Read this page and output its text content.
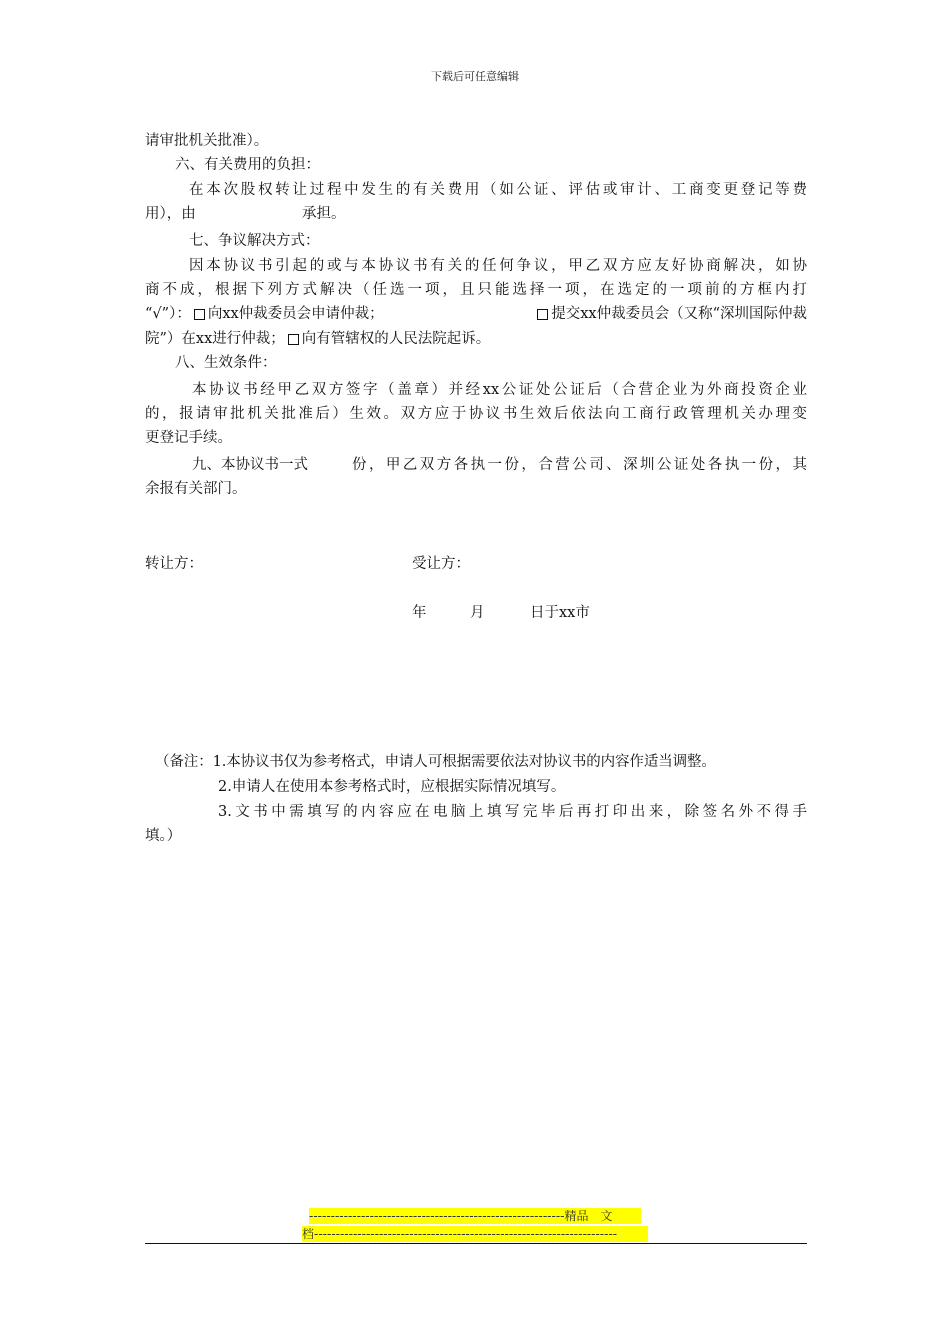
下载后可任意编辑
请审批机关批准）。
六、有关费用的负担：
在本次股权转让过程中发生的有关费用（如公证、评估或审计、工商变更登记等费
用），由	承担。
七、争议解决方式：
因本协议书引起的或与本协议书有关的任何争议，甲乙双方应友好协商解决，如协
商不成，根据下列方式解决（任选一项，且只能选择一项，在选定的一项前的方框内打
“√”）： 向xx仲裁委员会申请仲裁；	提交xx仲裁委员会（又称“深圳国际仲裁
院”）在xx进行仲裁； 向有管辖权的人民法院起诉。
八、生效条件：
本协议书经甲乙双方签字（盖章）并经xx公证处公证后（合营企业为外商投资企业
的，报请审批机关批准后）生效。双方应于协议书生效后依法向工商行政管理机关办理变
更登记手续。
九、本协议书一式	份，甲乙双方各执一份，合营公司、深圳公证处各执一份，其
余报有关部门。
转让方：	受让方：
年	月	日于xx市
（备注：1.本协议书仅为参考格式，申请人可根据需要依法对协议书的内容作适当调整。
2.申请人在使用本参考格式时，应根据实际情况填写。
3.文书中需填写的内容应在电脑上填写完毕后再打印出来，除签名外不得手
填。）
-----------------------------------------------------------精品　文
档----------------------------------------------------------------------
